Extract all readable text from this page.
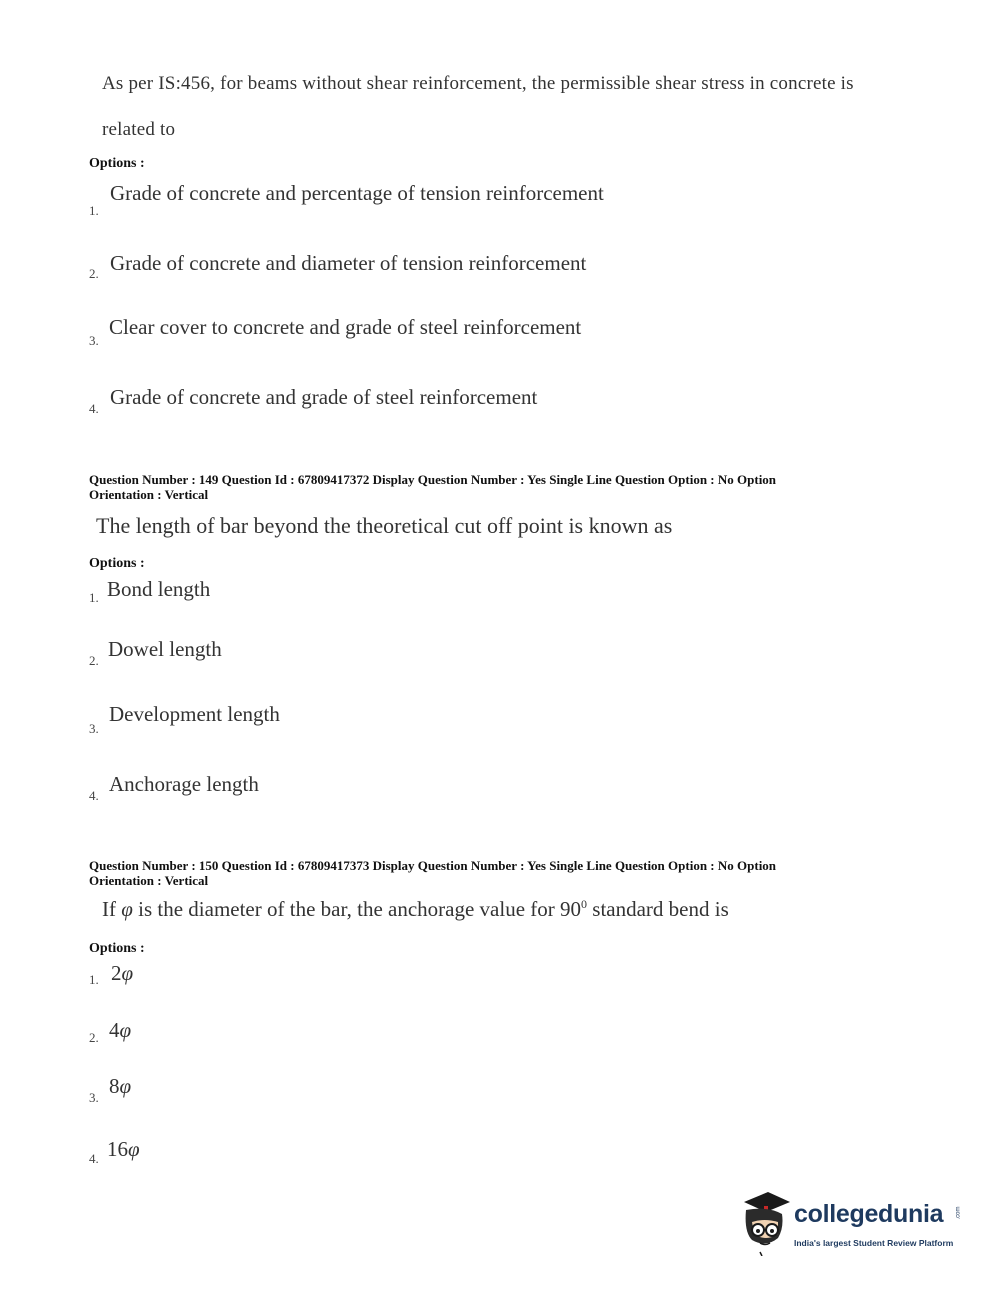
As per IS:456, for beams without shear reinforcement, the permissible shear stress in concrete is
related to
Options :
Grade of concrete and percentage of tension reinforcement
1.
Grade of concrete and diameter of tension reinforcement
2.
Clear cover to concrete and grade of steel reinforcement
3.
Grade of concrete and grade of steel reinforcement
4.
Question Number : 149 Question Id : 67809417372 Display Question Number : Yes Single Line Question Option : No Option
Orientation : Vertical
The length of bar beyond the theoretical cut off point is known as
Options :
Bond length
1.
Dowel length
2.
Development length
3.
Anchorage length
4.
Question Number : 150 Question Id : 67809417373 Display Question Number : Yes Single Line Question Option : No Option
Orientation : Vertical
If φ is the diameter of the bar, the anchorage value for $90^0$ standard bend is
Options :
2φ
1.
4φ
2.
8φ
3.
16φ
4.
collegedunia .com
India's largest Student Review Platform
